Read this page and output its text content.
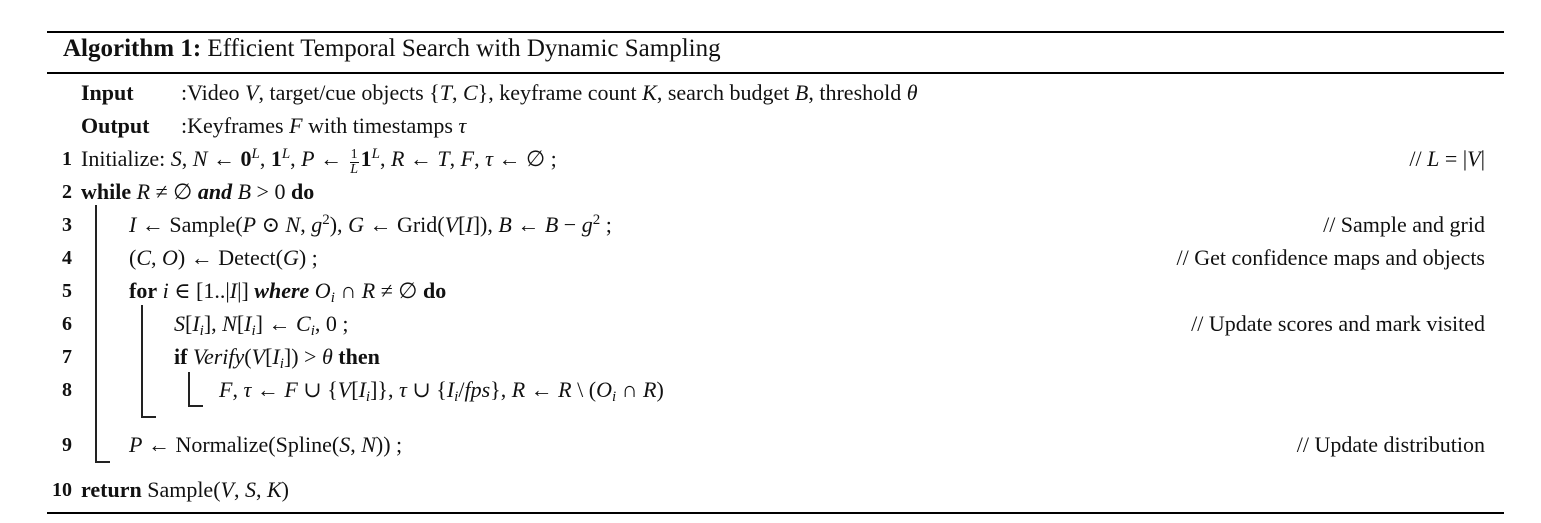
Algorithm 1: Efficient Temporal Search with Dynamic Sampling
Input :Video V, target/cue objects {T, C}, keyframe count K, search budget B, threshold θ
Output :Keyframes F with timestamps τ
1 Initialize: S, N ← $0^L$, $1^L$, P ← $\frac{1}{L} 1^L$, R ← T, F, τ ← ∅ ;	// L = |V|
2 while R ≠ ∅ and B > 0 do
3	I ← Sample(P ⊙ N, $g^2$), G ← Grid(V[I]), B ← $B - g^2$ ;	// Sample and grid
4	(C, O) ← Detect(G) ;	// Get confidence maps and objects
5	for i ∈ [1..|I|] where $O_i$ ∩ R ≠ ∅ do
6	$S[I_i]$, $N[I_i]$ ← $C_i$, 0 ;	// Update scores and mark visited
7	if $Verify(V[I_i]) > \theta$ then
8	F, τ ← F ∪ $\{V[I_i]\}$, τ ∪ $\{I_i/fps\}$, R ← R \ ($O_i$ ∩ R)
9	P ← Normalize(Spline(S, N)) ;	// Update distribution
10 return Sample(V, S, K)
